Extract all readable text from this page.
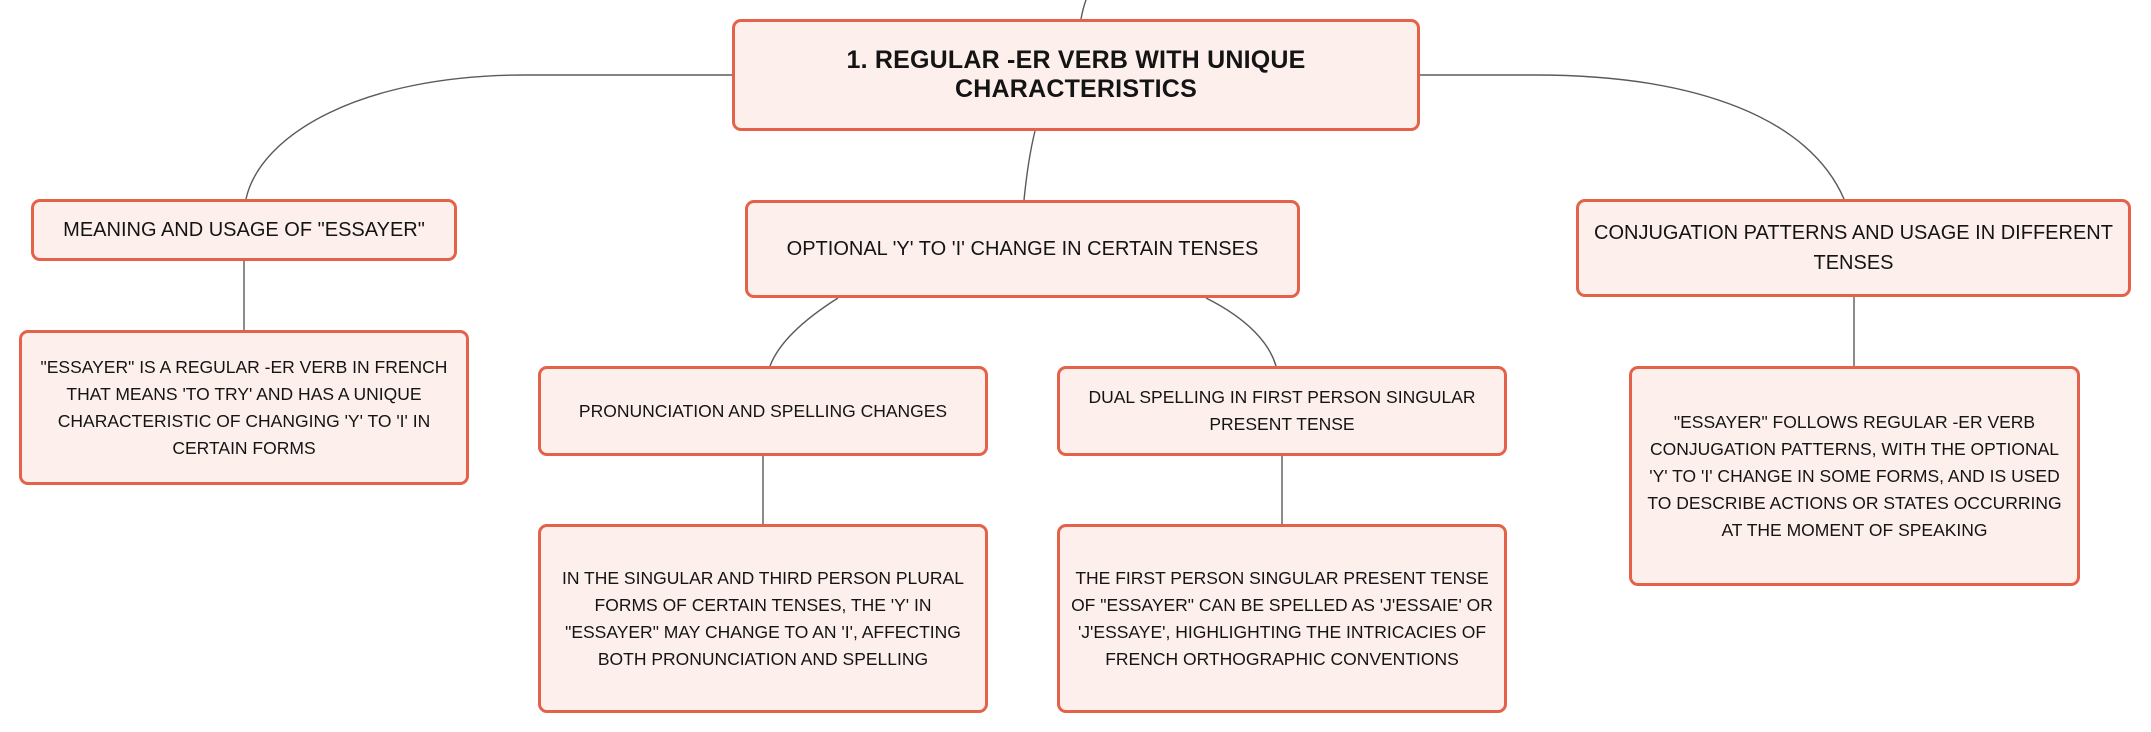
1. REGULAR -ER VERB WITH UNIQUE CHARACTERISTICS
MEANING AND USAGE OF "ESSAYER"
"ESSAYER" IS A REGULAR -ER VERB IN FRENCH THAT MEANS 'TO TRY' AND HAS A UNIQUE CHARACTERISTIC OF CHANGING 'Y' TO 'I' IN CERTAIN FORMS
OPTIONAL 'Y' TO 'I' CHANGE IN CERTAIN TENSES
CONJUGATION PATTERNS AND USAGE IN DIFFERENT TENSES
PRONUNCIATION AND SPELLING CHANGES
DUAL SPELLING IN FIRST PERSON SINGULAR PRESENT TENSE
IN THE SINGULAR AND THIRD PERSON PLURAL FORMS OF CERTAIN TENSES, THE 'Y' IN "ESSAYER" MAY CHANGE TO AN 'I', AFFECTING BOTH PRONUNCIATION AND SPELLING
THE FIRST PERSON SINGULAR PRESENT TENSE OF "ESSAYER" CAN BE SPELLED AS 'J'ESSAIE' OR 'J'ESSAYE', HIGHLIGHTING THE INTRICACIES OF FRENCH ORTHOGRAPHIC CONVENTIONS
"ESSAYER" FOLLOWS REGULAR -ER VERB CONJUGATION PATTERNS, WITH THE OPTIONAL 'Y' TO 'I' CHANGE IN SOME FORMS, AND IS USED TO DESCRIBE ACTIONS OR STATES OCCURRING AT THE MOMENT OF SPEAKING
